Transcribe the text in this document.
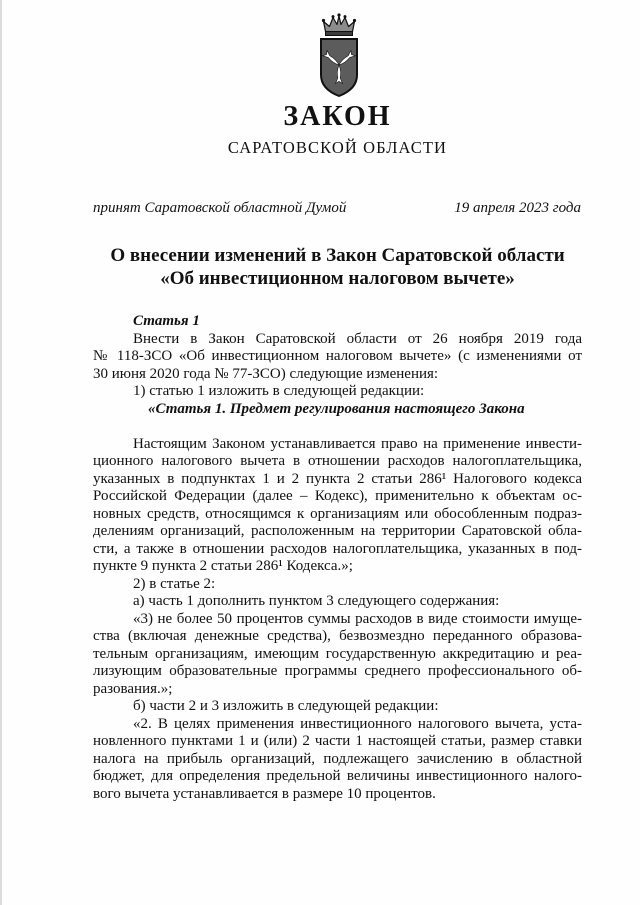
ЗАКОН
САРАТОВСКОЙ ОБЛАСТИ
принят Саратовской областной Думой	19 апреля 2023 года
О внесении изменений в Закон Саратовской области
«Об инвестиционном налоговом вычете»
Статья 1
Внести в Закон Саратовской области от 26 ноября 2019 года
№ 118-ЗСО «Об инвестиционном налоговом вычете» (с изменениями от
30 июня 2020 года № 77-ЗСО) следующие изменения:
1) статью 1 изложить в следующей редакции:
«Статья 1. Предмет регулирования настоящего Закона
Настоящим Законом устанавливается право на применение инвести-
ционного налогового вычета в отношении расходов налогоплательщика,
указанных в подпунктах 1 и 2 пункта 2 статьи 286¹ Налогового кодекса
Российской Федерации (далее – Кодекс), применительно к объектам ос-
новных средств, относящимся к организациям или обособленным подраз-
делениям организаций, расположенным на территории Саратовской обла-
сти, а также в отношении расходов налогоплательщика, указанных в под-
пункте 9 пункта 2 статьи 286¹ Кодекса.»;
2) в статье 2:
а) часть 1 дополнить пунктом 3 следующего содержания:
«3) не более 50 процентов суммы расходов в виде стоимости имуще-
ства (включая денежные средства), безвозмездно переданного образова-
тельным организациям, имеющим государственную аккредитацию и реа-
лизующим образовательные программы среднего профессионального об-
разования.»;
б) части 2 и 3 изложить в следующей редакции:
«2. В целях применения инвестиционного налогового вычета, уста-
новленного пунктами 1 и (или) 2 части 1 настоящей статьи, размер ставки
налога на прибыль организаций, подлежащего зачислению в областной
бюджет, для определения предельной величины инвестиционного налого-
вого вычета устанавливается в размере 10 процентов.
